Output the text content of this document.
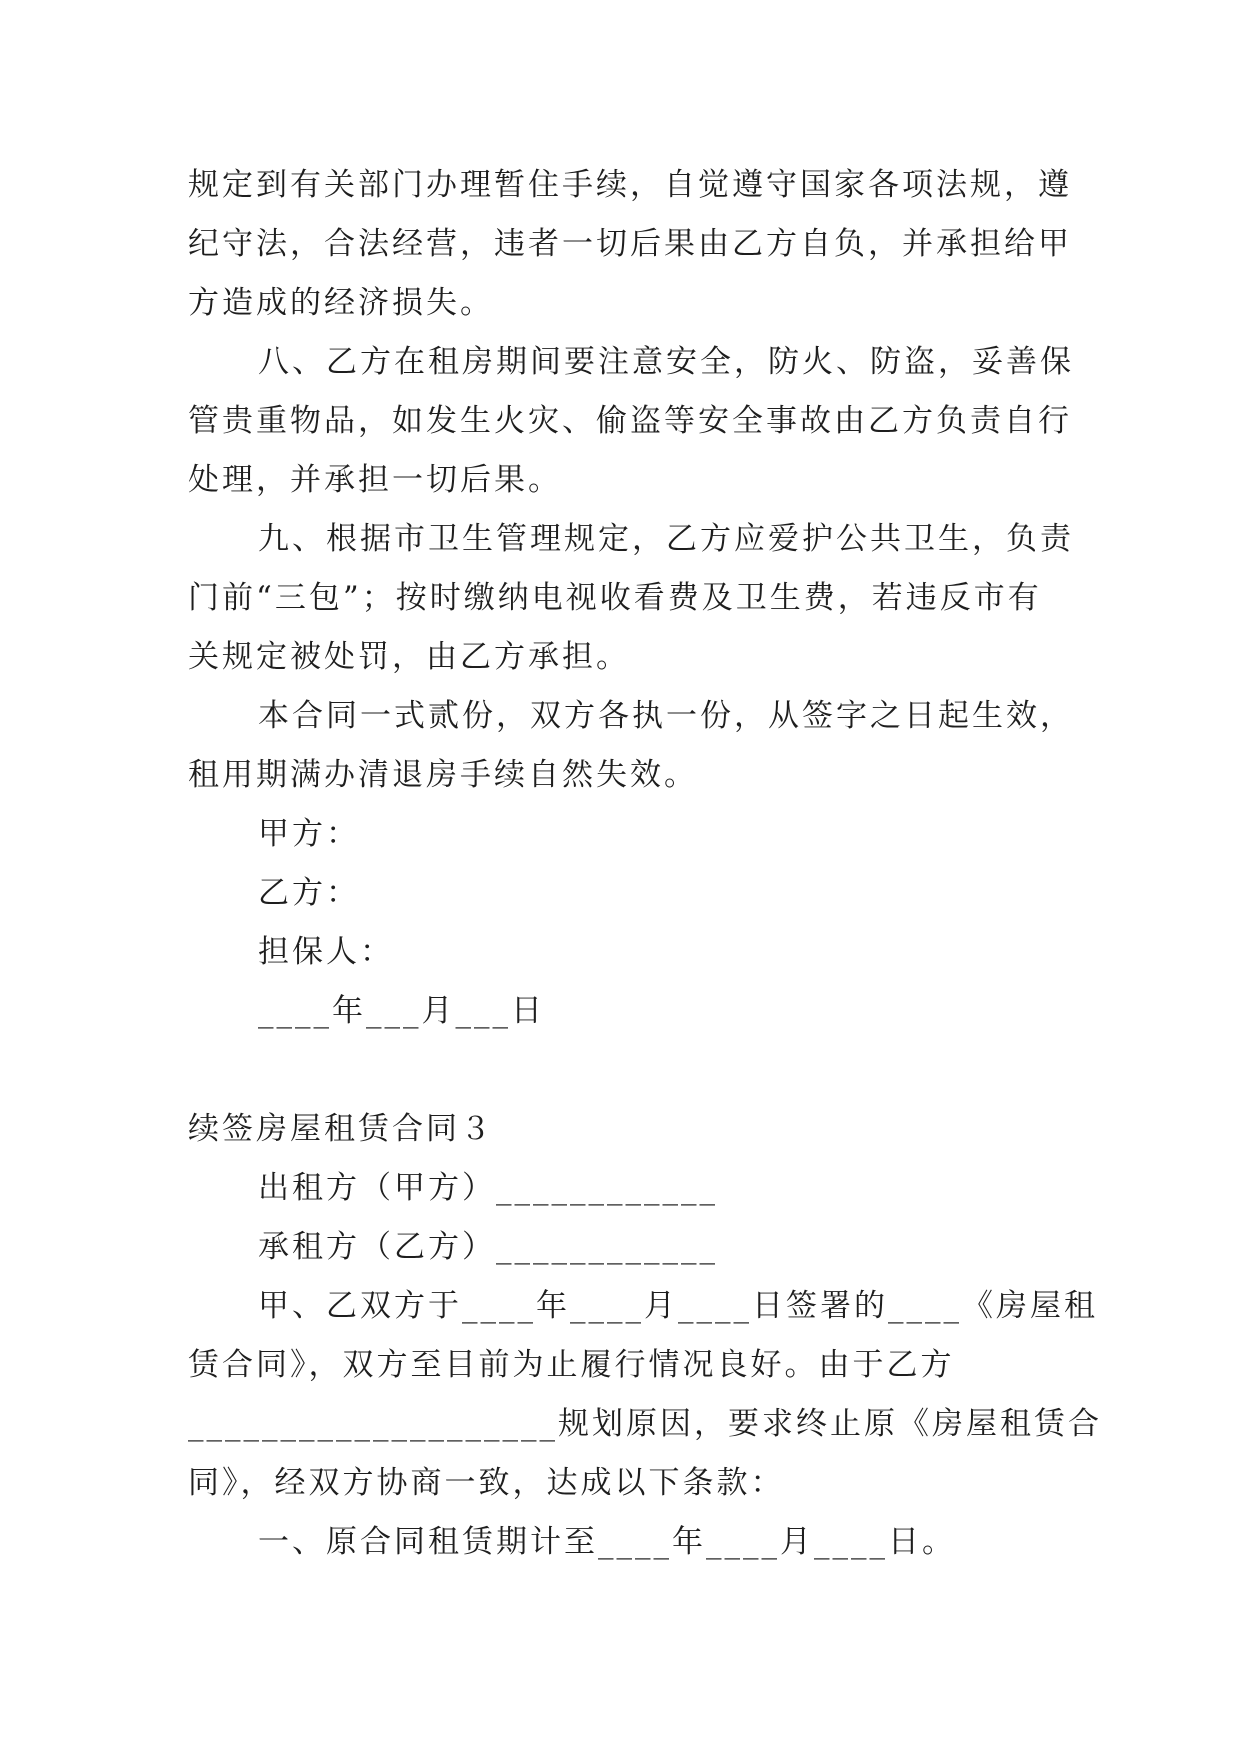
规定到有关部门办理暂住手续，自觉遵守国家各项法规，遵

纪守法，合法经营，违者一切后果由乙方自负，并承担给甲

方造成的经济损失。

八、乙方在租房期间要注意安全，防火、防盗，妥善保

管贵重物品，如发生火灾、偷盗等安全事故由乙方负责自行

处理，并承担一切后果。

九、根据市卫生管理规定，乙方应爱护公共卫生，负责

门前“三包”；按时缴纳电视收看费及卫生费，若违反市有

关规定被处罚，由乙方承担。

本合同一式贰份，双方各执一份，从签字之日起生效，

租用期满办清退房手续自然失效。

甲方：

乙方：

担保人：

____年___月___日

续签房屋租赁合同３

出租方（甲方）____________

承租方（乙方）____________

甲、乙双方于____年____月____日签署的____《房屋租

赁合同》，双方至目前为止履行情况良好。由于乙方

____________________规划原因，要求终止原《房屋租赁合

同》，经双方协商一致，达成以下条款：

一、原合同租赁期计至____年____月____日。
